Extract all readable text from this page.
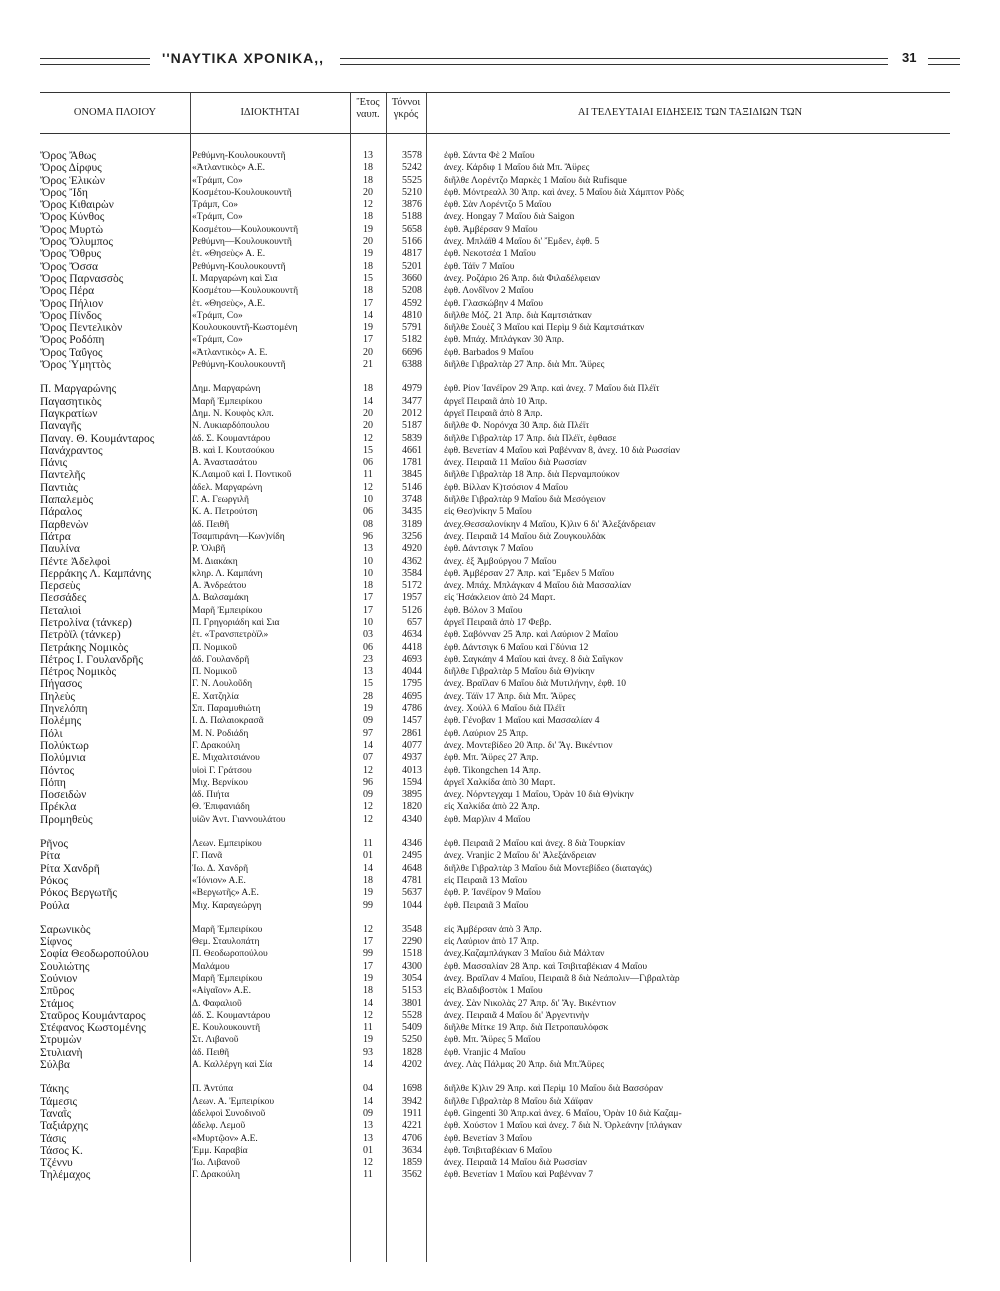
''ΝΑΥΤΙΚΑ ΧΡΟΝΙΚΑ,,	31
ΟΝΟΜΑ ΠΛΟΙΟΥ	ΙΔΙΟΚΤΗΤΑΙ
Ἔτος
ναυπ.
Τόννοι
γκρός	ΑΙ ΤΕΛΕΥΤΑΙΑΙ ΕΙΔΗΣΕΙΣ ΤΩΝ ΤΑΞΙΔΙΩΝ ΤΩΝ
Ὄρος Ἄθως	Ρεθύμνη-Κουλουκουντῆ	13	3578 ἐφθ. Σάντα Φὲ 2 Μαΐου
Ὄρος Δίρφυς	«Ἀτλαντικὸς» Α.Ε.	18	5242 ἀνεχ. Κάρδιφ 1 Μαΐου διὰ Μπ. Ἄϋρες
Ὄρος Ἑλικὼν	«Τράμπ, Co»	18	5525 διῆλθε Λορέντζο Μαρκὲς 1 Μαΐου διὰ Rufisque
Ὄρος Ἴδη	Κοσμέτου-Κουλουκουντῆ	20	5210 ἐφθ. Μόντρεαλλ 30 Ἀπρ. καὶ ἀνεχ. 5 Μαΐου διὰ Χάμπτον Ρὸδς
Ὄρος Κιθαιρὼν	Τράμπ, Co»	12	3876 ἐφθ. Σὰν Λορέντζο 5 Μαΐου
Ὄρος Κύνθος	«Τράμπ, Co»	18	5188 ἀνεχ. Hongay 7 Μαΐου διὰ Saigon
Ὄρος Μυρτὼ	Κοσμέτου—Κουλουκουντῆ	19	5658 ἐφθ. Ἀμβέρσαν 9 Μαΐου
Ὄρος Ὄλυμπος	Ρεθύμνη—Κουλουκουντῆ	20	5166 ἀνεχ. Μπλάϊθ 4 Μαΐου δι' Ἔμδεν, ἐφθ. 5
Ὄρος Ὄθρυς	ἑτ. «Θησεὺς» Α. Ε.	19	4817 ἐφθ. Νεκοτσέα 1 Μαΐου
Ὄρος Ὄσσα	Ρεθύμνη-Κουλουκουντῆ	18	5201 ἐφθ. Τάϊν 7 Μαΐου
Ὄρος Παρνασσὸς	Ι. Μαργαρώνη καὶ Σια	15	3660 ἀνεχ. Ροζάριο 26 Ἀπρ. διὰ Φιλαδέλφειαν
Ὄρος Πέρα	Κοσμέτου—Κουλουκουντῆ	18	5208 ἐφθ. Λονδῖνον 2 Μαΐου
Ὄρος Πήλιον	ἑτ. «Θησεὺς», Α.Ε.	17	4592 ἐφθ. Γλασκώβην 4 Μαΐου
Ὄρος Πίνδος	«Τράμπ, Co»	14	4810 διῆλθε Μόζ. 21 Ἀπρ. διὰ Καμτσιάτκαν
Ὄρος Πεντελικὸν	Κουλουκουντῆ-Κωστομένη	19	5791 διῆλθε Σουὲζ 3 Μαΐου καὶ Περὶμ 9 διὰ Καμτσιάτκαν
Ὄρος Ροδόπη	«Τράμπ, Co»	17	5182 ἐφθ. Μπάχ. Μπλάγκαν 30 Ἀπρ.
Ὄρος Ταΰγος	«Ἀτλαντικὸς» Α. Ε.	20	6696 ἐφθ. Barbados 9 Μαΐου
Ὄρος Ὑμηττὸς	Ρεθύμνη-Κουλουκουντῆ	21	6388 διῆλθε Γιβραλτὰρ 27 Ἀπρ. διὰ Μπ. Ἄϋρες
Π. Μαργαρώνης	Δημ. Μαργαρώνη	18	4979 ἐφθ. Ρίον Ἰανέϊρον 29 Ἀπρ. καὶ ἀνεχ. 7 Μαΐου διὰ Πλέϊτ
Παγασητικὸς	Μαρῆ Ἐμπειρίκου	14	3477 ἀργεῖ Πειραιᾶ ἀπὸ 10 Ἀπρ.
Παγκρατίων	Δημ. Ν. Κουφὸς κλπ.	20	2012 ἀργεῖ Πειραιᾶ ἀπὸ 8 Ἀπρ.
Παναγῆς	Ν. Λυκιαρδόπουλου	20	5187 διῆλθε Φ. Νορόνχα 30 Ἀπρ. διὰ Πλέϊτ
Παναγ. Θ. Κουμάνταρος	ἀδ. Σ. Κουμαντάρου	12	5839 διῆλθε Γιβραλτὰρ 17 Ἀπρ. διὰ Πλέϊτ, ἐφθασε
Πανάχραντος	Β. καὶ Ι. Κουτσούκου	15	4661 ἐφθ. Βενετίαν 4 Μαΐου καὶ Ραβένναν 8, ἀνεχ. 10 διὰ Ρωσσίαν
Πάνις	Α. Ἀναστασάτου	06	1781 ἀνεχ. Πειραιᾶ 11 Μαΐου διὰ Ρωσσίαν
Παντελῆς	Κ.Λαιμοῦ καὶ Ι. Ποντικοῦ	11	3845 διῆλθε Γιβραλτὰρ 18 Ἀπρ. διὰ Περναμπούκον
Παντιὰς	ἀδελ. Μαργαρώνη	12	5146 ἐφθ. Βίλλαν Κ)τσόσιον 4 Μαΐου
Παπαλεμὸς	Γ. Α. Γεωργιλῆ	10	3748 διῆλθε Γιβραλτὰρ 9 Μαΐου διὰ Μεσόγειον
Πάραλος	Κ. Α. Πετρούτση	06	3435 εἰς Θεσ)νίκην 5 Μαΐου
Παρθενὼν	ἀδ. Πειθῆ	08	3189 ἀνεχ.Θεσσαλονίκην 4 Μαΐου, Κ)λιν 6 δι' Ἀλεξάνδρειαν
Πάτρα	Τσαμπιράνη—Κων)νίδη	96	3256 ἀνεχ. Πειραιᾶ 14 Μαΐου διὰ Ζουγκουλδὰκ
Παυλίνα	Ρ. Ὀλιβῆ	13	4920 ἐφθ. Δάντσιγκ 7 Μαΐου
Πέντε Ἀδελφοὶ	Μ. Διακάκη	10	4362 ἀνεχ. ἐξ Ἀμβούργου 7 Μαΐου
Περράκης Λ. Καμπάνης	κληρ. Λ. Καμπάνη	10	3584 ἐφθ. Ἀμβέρσαν 27 Ἀπρ. καὶ Ἔμδεν 5 Μαΐου
Περσεὺς	Α. Ἀνδρεάτου	18	5172 ἀνεχ. Μπάχ. Μπλάγκαν 4 Μαΐου διὰ Μασσαλίαν
Πεσσάδες	Δ. Βαλσαμάκη	17	1957 εἰς Ἡσάκλειον ἀπὸ 24 Μαρτ.
Πεταλιοὶ	Μαρῆ Ἐμπειρίκου	17	5126 ἐφθ. Βόλον 3 Μαΐου
Πετρολίνα (τάνκερ)	Π. Γρηγοριάδη καὶ Σια	10	657 ἀργεῖ Πειραιᾶ ἀπὸ 17 Φεβρ.
Πετρὸϊλ (τάνκερ)	ἑτ. «Τρανσπετρὸϊλ»	03	4634 ἐφθ. Σαβόνναν 25 Ἀπρ. καὶ Λαύριον 2 Μαΐου
Πετράκης Νομικὸς	Π. Νομικοῦ	06	4418 ἐφθ. Δάντσιγκ 6 Μαΐου καὶ Γδύνια 12
Πέτρος Ι. Γουλανδρῆς	ἀδ. Γουλανδρῆ	23	4693 ἐφθ. Σαγκάην 4 Μαΐου καὶ ἀνεχ. 8 διὰ Σαΐγκον
Πέτρος Νομικὸς	Π. Νομικοῦ	13	4044 διῆλθε Γιβραλτὰρ 5 Μαΐου διὰ Θ)νίκην
Πήγασος	Γ. Ν. Λουλοῦδη	15	1795 ἀνεχ. Βραΐλαν 6 Μαΐου διὰ Μυτιλήνην, ἐφθ. 10
Πηλεὺς	Ε. Χατζηλία	28	4695 ἀνεχ. Τάϊν 17 Ἀπρ. διὰ Μπ. Ἄϋρες
Πηνελόπη	Σπ. Παραμυθιώτη	19	4786 ἀνεχ. Χούλλ 6 Μαΐου διὰ Πλέϊτ
Πολέμης	Ι. Δ. Παλαιοκρασᾶ	09	1457 ἐφθ. Γένοβαν 1 Μαΐου καὶ Μασσαλίαν 4
Πόλι	Μ. Ν. Ροδιάδη	97	2861 ἐφθ. Λαύριον 25 Ἀπρ.
Πολύκτωρ	Γ. Δρακούλη	14	4077 ἀνεχ. Μοντεβίδεο 20 Ἀπρ. δι' Ἅγ. Βικέντιον
Πολύμνια	Ε. Μιχαλιτσιάνου	07	4937 ἐφθ. Μπ. Ἄϋρες 27 Ἀπρ.
Πόντος	υἱοὶ Γ. Γράτσου	12	4013 ἐφθ. Tikongchen 14 Ἀπρ.
Πόπη	Μιχ. Βερνίκου	96	1594 ἀργεῖ Χαλκίδα ἀπὸ 30 Μαρτ.
Ποσειδὼν	ἀδ. Πιήτα	09	3895 ἀνεχ. Νόρντεγχαμ 1 Μαΐου, Ὀρὰν 10 διὰ Θ)νίκην
Πρέκλα	Θ. Ἐπιφανιάδη	12	1820 εἰς Χαλκίδα ἀπὸ 22 Ἀπρ.
Προμηθεὺς	υἱῶν Ἀντ. Γιαννουλάτου	12	4340 ἐφθ. Μαρ)λιν 4 Μαΐου
Ρῆνος	Λεων. Εμπειρίκου	11	4346 ἐφθ. Πειραιᾶ 2 Μαΐου καὶ ἀνεχ. 8 διὰ Τουρκίαν
Ρίτα	Γ. Πανᾶ	01	2495 ἀνεχ. Vranjic 2 Μαΐου δι' Ἀλεξάνδρειαν
Ρίτα Χανδρῆ	Ἰω. Δ. Χανδρῆ	14	4648 διῆλθε Γιβραλτὰρ 3 Μαΐου διὰ Μοντεβίδεο (διαταγάς)
Ρόκος	«Ἰόνιον» Α.Ε.	18	4781 εἰς Πειραιᾶ 13 Μαΐου
Ρόκος Βεργωτῆς	«Βεργωτῆς» Α.Ε.	19	5637 ἐφθ. Ρ. Ἰανέϊρον 9 Μαΐου
Ρούλα	Μιχ. Καραγεώργη	99	1044 ἐφθ. Πειραιᾶ 3 Μαΐου
Σαρωνικὸς	Μαρῆ Ἐμπειρίκου	12	3548 εἰς Ἀμβέρσαν ἀπὸ 3 Ἀπρ.
Σίφνος	Θεμ. Σταυλοπάτη	17	2290 εἰς Λαύριον ἀπὸ 17 Ἀπρ.
Σοφία Θεοδωροπούλου	Π. Θεοδωροπούλου	99	1518 ἀνεχ.Καζαμπλάγκαν 3 Μαΐου διὰ Μάλταν
Σουλιώτης	Μαλάμου	17	4300 ἐφθ. Μασσαλίαν 28 Ἀπρ. καὶ Τσιβιταβέκιαν 4 Μαΐου
Σούνιον	Μαρῆ Ἐμπειρίκου	19	3054 ἀνεχ. Βραΐλαν 4 Μαΐου, Πειραιᾶ 8 διὰ Νεάπολιν—Γιβραλτὰρ
Σπῦρος	«Αἰγαῖον» Α.Ε.	18	5153 εἰς Βλαδιβοστὸκ 1 Μαΐου
Στάμος	Δ. Φαφαλιοῦ	14	3801 ἀνεχ. Σὰν Νικολὰς 27 Ἀπρ. δι' Ἅγ. Βικέντιον
Σταῦρος Κουμάνταρος	ἀδ. Σ. Κουμαντάρου	12	5528 ἀνεχ. Πειραιᾶ 4 Μαΐου δι' Ἀργεντινὴν
Στέφανος Κωστομένης	Ε. Κουλουκουντῆ	11	5409 διῆλθε Μίτκε 19 Ἀπρ. διὰ Πετροπαυλόφσκ
Στρυμὼν	Στ. Λιβανοῦ	19	5250 ἐφθ. Μπ. Ἄϋρες 5 Μαΐου
Στυλιανὴ	ἀδ. Πειθῆ	93	1828 ἐφθ. Vranjic 4 Μαΐου
Σύλβα	Α. Καλλέργη καὶ Σία	14	4202 ἀνεχ. Λὰς Πάλμας 20 Ἀπρ. διὰ Μπ.Ἄϋρες
Τάκης	Π. Ἀντύπα	04	1698 διῆλθε Κ)λιν 29 Ἀπρ. καὶ Περὶμ 10 Μαΐου διὰ Βασσόραν
Τάμεσις	Λεων. Α. Ἐμπειρίκου	14	3942 διῆλθε Γιβραλτὰρ 8 Μαΐου διὰ Χάϊφαν
Ταναῒς	ἀδελφοὶ Συνοδινοῦ	09	1911 ἐφθ. Gingenti 30 Ἀπρ.καὶ ἀνεχ. 6 Μαΐου, Ὀρὰν 10 διὰ Καζαμ-
Ταξιάρχης	ἀδελφ. Λεμοῦ	13	4221 ἐφθ. Χούστον 1 Μαΐου καὶ ἀνεχ. 7 διὰ Ν. Ὀρλεάνην [πλάγκαν
Τάσις	«Μυρτῷον» Α.Ε.	13	4706 ἐφθ. Βενετίαν 3 Μαΐου
Τάσος Κ.	Ἐμμ. Καραβία	01	3634 ἐφθ. Τσιβιταβέκιαν 6 Μαΐου
Τζέννυ	Ἰω. Λιβανοῦ	12	1859 ἀνεχ. Πειραιᾶ 14 Μαΐου διὰ Ρωσσίαν
Τηλέμαχος	Γ. Δρακούλη	11	3562 ἐφθ. Βενετίαν 1 Μαΐου καὶ Ραβένναν 7
